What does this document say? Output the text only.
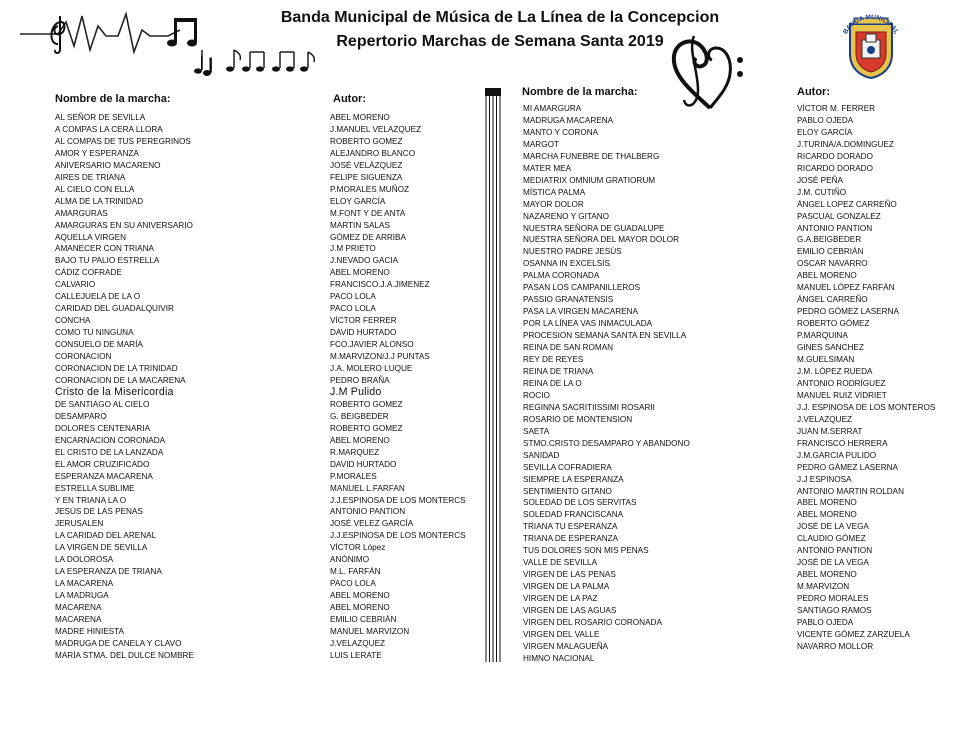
Banda Municipal de Música de La Línea de la Concepcion
Repertorio Marchas de Semana Santa 2019
BANDA MUNICIPAL
Nombre de la marcha:	Autor:
Nombre de la marcha:	Autor:
AL SEÑOR DE SEVILLA
A COMPAS LA CERA LLORA
AL COMPAS DE TUS PEREGRINOS
AMOR Y ESPERANZA
ANIVERSARIO MACARENO
AIRES DE TRIANA
AL CIELO CON ELLA
ALMA DE LA TRINIDAD
AMARGURAS
AMARGURAS EN SU ANIVERSARIO
AQUELLA VIRGEN
AMANECER CON TRIANA
BAJO TU PALIO ESTRELLA
CÁDIZ COFRADE
CALVARIO
CALLEJUELA DE LA O
CARIDAD DEL GUADALQUIVIR
CONCHA
COMO TU NINGUNA
CONSUELO DE MARÍA
CORONACION
CORONACION DE LA TRINIDAD
CORONACION DE LA MACARENA
Cristo de la Misericordia
DE SANTIAGO AL CIELO
DESAMPARO
DOLORES CENTENARIA
ENCARNACION CORONADA
EL CRISTO DE LA LANZADA
EL AMOR CRUZIFICADO
ESPERANZA MACARENA
ESTRELLA SUBLIME
Y EN TRIANA LA O
JESÚS DE LAS PENAS
JERUSALEN
LA CARIDAD DEL ARENAL
LA VIRGEN DE SEVILLA
LA DOLOROSA
LA ESPERANZA DE TRIANA
LA MACARENA
LA MADRUGA
MACARENA
MACARENA
MADRE HINIESTA
MADRUGA DE CANELA Y CLAVO
MARÍA STMA. DEL DULCE NOMBRE
ABEL MORENO
J.MANUEL VELAZQUEZ
ROBERTO GOMEZ
ALEJANDRO BLANCO
JOSÉ VELÁZQUEZ
FELIPE SIGUENZA
P.MORALES MUÑOZ
ELOY GARCÍA
M.FONT Y DE ANTA
MARTIN SALAS
GÓMEZ DE ARRIBA
J.M PRIETO
J.NEVADO GACIA
ABEL MORENO
FRANCISCO.J.A.JIMENEZ
PACO LOLA
PACO LOLA
VÍCTOR FERRER
DAVID HURTADO
FCO.JAVIER ALONSO
M.MARVIZON/J.J PUNTAS
J.A. MOLERO LUQUE
PEDRO BRAÑA
J.M Pulido
ROBERTO GOMEZ
G. BEIGBEDER
ROBERTO GOMEZ
ABEL MORENO
R.MARQUEZ
DAVID HURTADO
P.MORALES
MANUEL L.FARFAN
J.J.ESPINOSA DE LOS MONTERCS
ANTONIO PANTION
JOSÉ VELEZ GARCÍA
J.J.ESPINOSA DE LOS MONTERCS
VÍCTOR López
ANÓNIMO
M.L. FARFÁN
PACO LOLA
ABEL MORENO
ABEL MORENO
EMILIO CEBRIÁN
MANUEL MARVIZON
J.VELAZQUEZ
LUIS LERATE
MI AMARGURA
MADRUGA MACARENA
MANTO Y CORONA
MARGOT
MARCHA FUNEBRE DE THALBERG
MATER MEA
MEDIATRIX OMNIUM GRATIORUM
MÍSTICA PALMA
MAYOR DOLOR
NAZARENO Y GITANO
NUESTRA SEÑORA DE GUADALUPE
NUESTRA SEÑORA DEL MAYOR DOLOR
NUESTRO PADRE JESÚS
OSANNA IN EXCELSIS
PALMA CORONADA
PASAN LOS CAMPANILLEROS
PASSIO GRANATENSIS
PASA LA VIRGEN MACARENA
POR LA LÍNEA VAS INMACULADA
PROCESION SEMANA SANTA EN SEVILLA
REINA DE SAN ROMAN
REY DE REYES
REINA DE TRIANA
REINA DE LA O
ROCIO
REGINNA SACRITIISSIMI ROSARII
ROSARIO DE MONTENSION
SAETA
STMO.CRISTO DESAMPARO Y ABANDONO
SANIDAD
SEVILLA COFRADIERA
SIEMPRE LA ESPERANZA
SENTIMIENTO GITANO
SOLEDAD DE LOS SERVITAS
SOLEDAD FRANCISCANA
TRIANA TU ESPERANZA
TRIANA DE ESPERANZA
TUS DOLORES SON MIS PENAS
VALLE DE SEVILLA
VIRGEN DE LAS PENAS
VIRGEN DE LA PALMA
VIRGEN DE LA PAZ
VIRGEN DE LAS AGUAS
VIRGEN DEL ROSARIO CORONADA
VIRGEN DEL VALLE
VIRGEN MALAGUEÑA
HIMNO NACIONAL
VÍCTOR M. FERRER
PABLO OJEDA
ELOY GARCÍA
J.TURINA/A.DOMINGUEZ
RICARDO DORADO
RICARDO DORADO
JOSÉ PEÑA
J.M. CUTIÑO
ÁNGEL LOPEZ CARREÑO
PASCUAL GONZALEZ
ANTONIO PANTION
G.A.BEIGBEDER
EMILIO CEBRIÁN
OSCAR NAVARRO
ABEL MORENO
MANUEL LÓPEZ FARFÁN
ÁNGEL CARREÑO
PEDRO GÓMEZ LASERNA
ROBERTO GÓMEZ
P.MARQUINA
GINES SANCHEZ
M.GUELSIMAN
J.M. LÓPEZ RUEDA
ANTONIO RODRÍGUEZ
MANUEL RUIZ VIDRIET
J.J. ESPINOSA DE LOS MONTEROS
J.VELAZQUEZ
JUAN M.SERRAT
FRANCISCO HERRERA
J.M.GARCIA PULIDO
PEDRO GÁMEZ LASERNA
J.J ESPINOSA
ANTONIO MARTIN ROLDAN
ABEL MORENO
ABEL MORENO
JOSÉ DE LA VEGA
CLAUDIO GÓMEZ
ANTONIO PANTION
JOSÉ DE LA VEGA
ABEL MORENO
M.MARVIZON
PEDRO MORALES
SANTIAGO RAMOS
PABLO OJEDA
VICENTE GÓMEZ ZARZUELA
NAVARRO MOLLOR
